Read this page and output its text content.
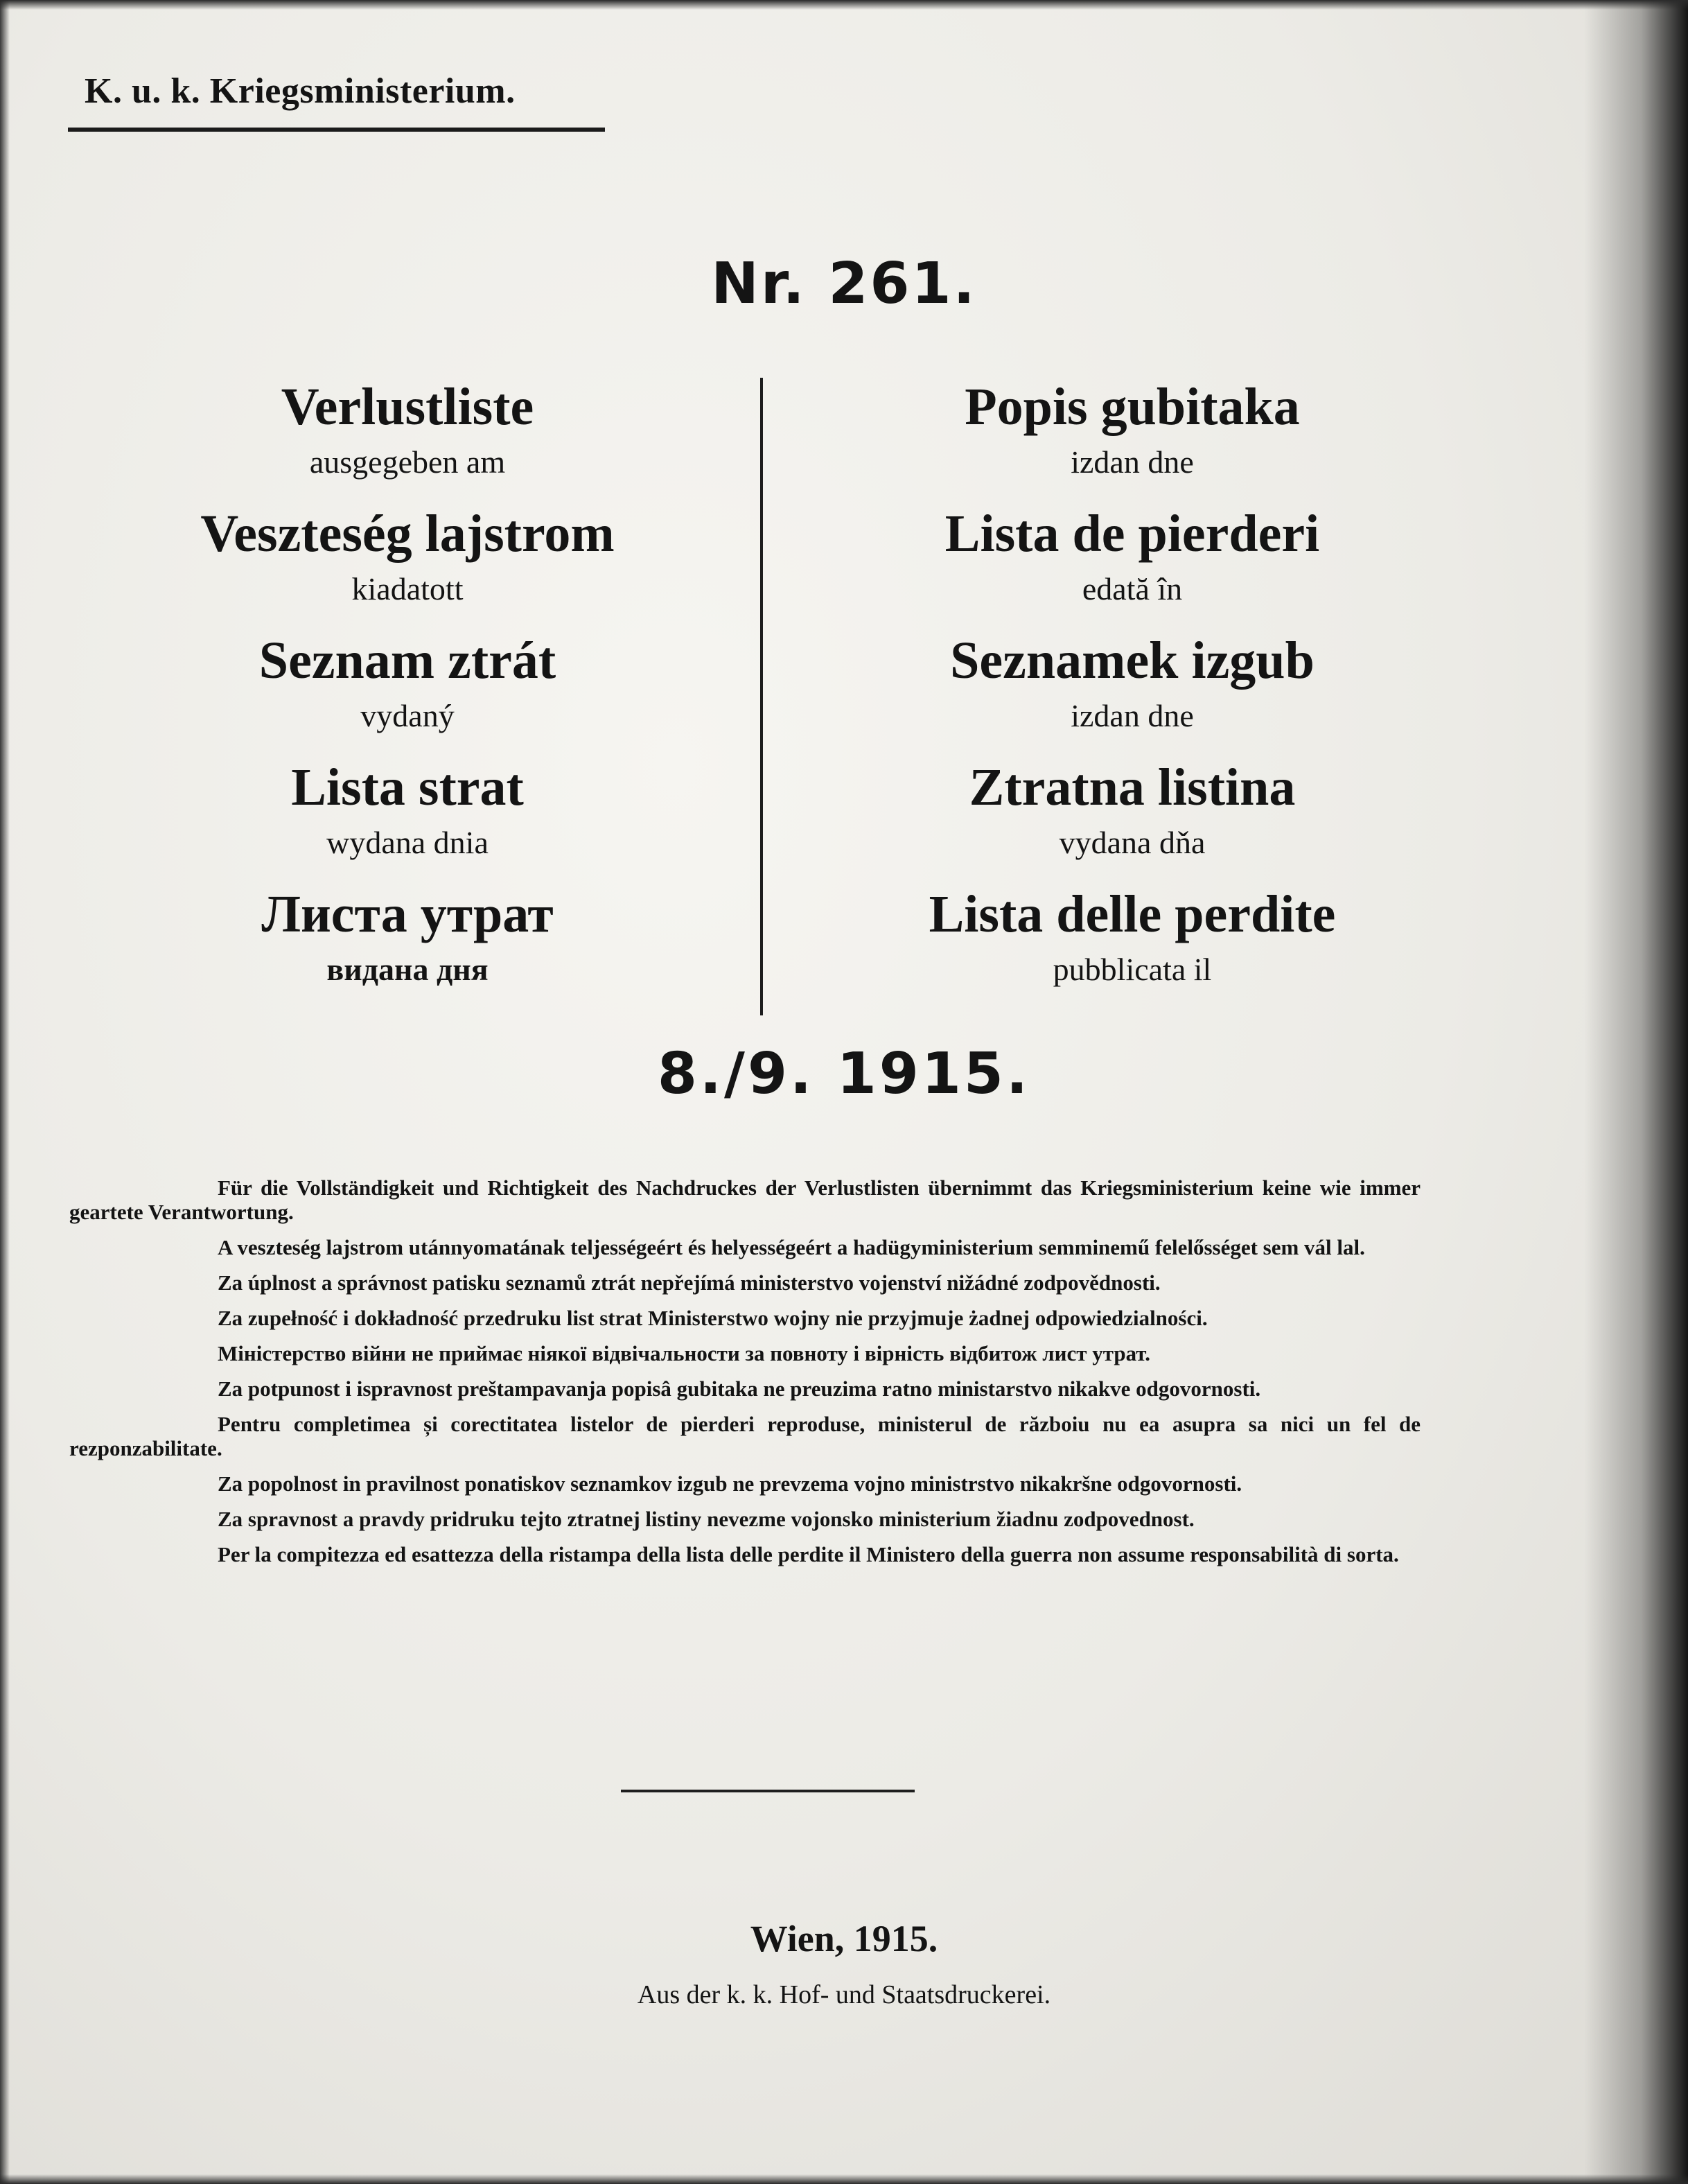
K. u. k. Kriegsministerium.
Nr. 261.
Verlustliste
ausgegeben am
Veszteség lajstrom
kiadatott
Seznam ztrát
vydaný
Lista strat
wydana dnia
Листа утрат
видана дня
Popis gubitaka
izdan dne
Lista de pierderi
edată în
Seznamek izgub
izdan dne
Ztratna listina
vydana dňa
Lista delle perdite
pubblicata il
8./9. 1915.

Für die Vollständigkeit und Richtigkeit des Nachdruckes der Verlustlisten übernimmt das Kriegsministerium keine wie immer geartete Verantwortung.

A veszteség lajstrom utánnyomatának teljességeért és helyességeért a hadügyministerium semminemű felelősséget sem vál lal.

Za úplnost a správnost patisku seznamů ztrát nepřejímá ministerstvo vojenství nižádné zodpovědnosti.

Za zupełność i dokładność przedruku list strat Ministerstwo wojny nie przyjmuje żadnej odpowiedzialności.

Міністерство війни не приймає ніякої відвічальности за повноту і вірність відбитож лист утрат.

Za potpunost i ispravnost preštampavanja popisâ gubitaka ne preuzima ratno ministarstvo nikakve odgovornosti.

Pentru completimea și corectitatea listelor de pierderi reproduse, ministerul de războiu nu ea asupra sa nici un fel de rezponzabilitate.

Za popolnost in pravilnost ponatiskov seznamkov izgub ne prevzema vojno ministrstvo nikakršne odgovornosti.

Za spravnost a pravdy pridruku tejto ztratnej listiny nevezme vojonsko ministerium žiadnu zodpovednost.

Per la compitezza ed esattezza della ristampa della lista delle perdite il Ministero della guerra non assume responsabilità di sorta.

Wien, 1915.
Aus der k. k. Hof- und Staatsdruckerei.
